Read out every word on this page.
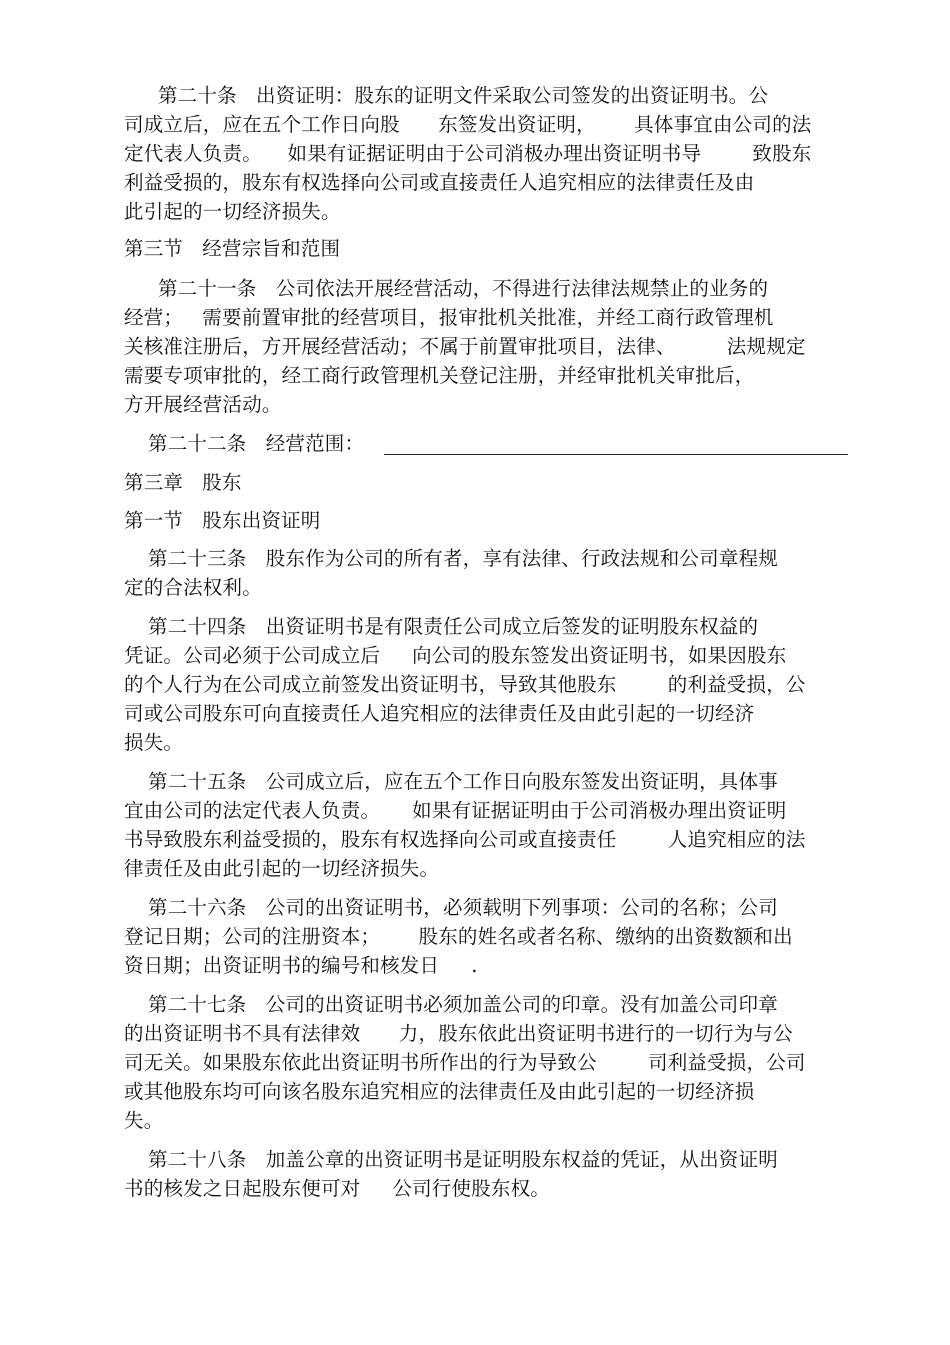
第二十条   出资证明：股东的证明文件采取公司签发的出资证明书。公
司成立后，应在五个工作日向股      东签发出资证明，      具体事宜由公司的法
定代表人负责。    如果有证据证明由于公司消极办理出资证明书导        致股东
利益受损的，股东有权选择向公司或直接责任人追究相应的法律责任及由
此引起的一切经济损失。
第三节   经营宗旨和范围
第二十一条   公司依法开展经营活动，不得进行法律法规禁止的业务的
经营；   需要前置审批的经营项目，报审批机关批准，并经工商行政管理机
关核准注册后，方开展经营活动；不属于前置审批项目，法律、        法规规定
需要专项审批的，经工商行政管理机关登记注册，并经审批机关审批后，
方开展经营活动。
第二十二条   经营范围：
第三章   股东
第一节   股东出资证明
第二十三条   股东作为公司的所有者，享有法律、行政法规和公司章程规
定的合法权利。
第二十四条   出资证明书是有限责任公司成立后签发的证明股东权益的
凭证。公司必须于公司成立后     向公司的股东签发出资证明书，如果因股东
的个人行为在公司成立前签发出资证明书，导致其他股东        的利益受损，公
司或公司股东可向直接责任人追究相应的法律责任及由此引起的一切经济
损失。
第二十五条   公司成立后，应在五个工作日向股东签发出资证明，具体事
宜由公司的法定代表人负责。     如果有证据证明由于公司消极办理出资证明
书导致股东利益受损的，股东有权选择向公司或直接责任        人追究相应的法
律责任及由此引起的一切经济损失。
第二十六条   公司的出资证明书，必须载明下列事项：公司的名称；公司
登记日期；公司的注册资本；      股东的姓名或者名称、缴纳的出资数额和出
资日期；出资证明书的编号和核发日     .
第二十七条   公司的出资证明书必须加盖公司的印章。没有加盖公司印章
的出资证明书不具有法律效      力，股东依此出资证明书进行的一切行为与公
司无关。如果股东依此出资证明书所作出的行为导致公        司利益受损，公司
或其他股东均可向该名股东追究相应的法律责任及由此引起的一切经济损
失。
第二十八条   加盖公章的出资证明书是证明股东权益的凭证，从出资证明
书的核发之日起股东便可对     公司行使股东权。
